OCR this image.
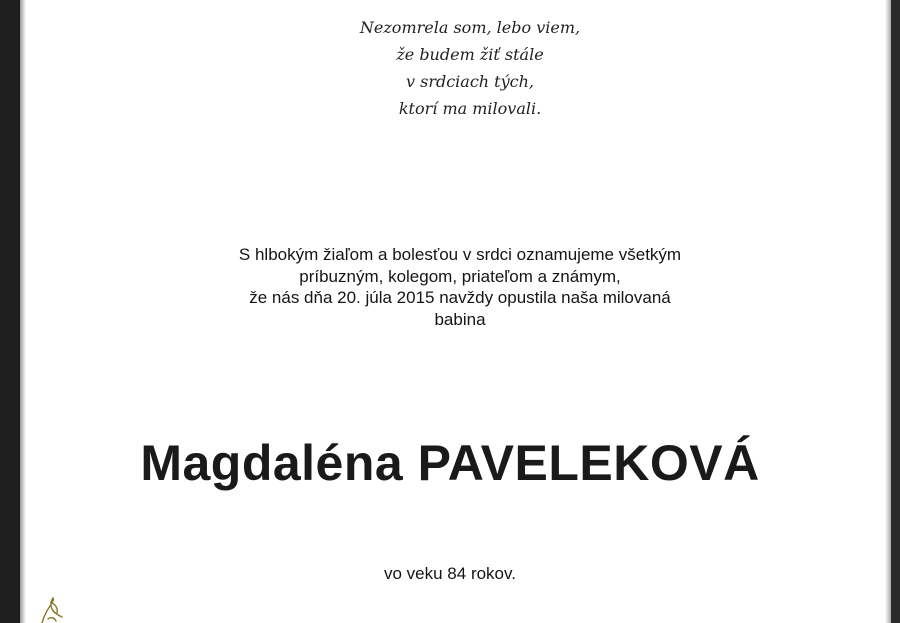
Nezomrela som, lebo viem,
že budem žiť stále
v srdciach tých,
ktorí ma milovali.
S hlbokým žiaľom a bolesťou v srdci oznamujeme všetkým
príbuzným, kolegom, priateľom a známym,
že nás dňa 20. júla 2015 navždy opustila naša milovaná
babina
Magdaléna PAVELEKOVÁ
vo veku 84 rokov.
